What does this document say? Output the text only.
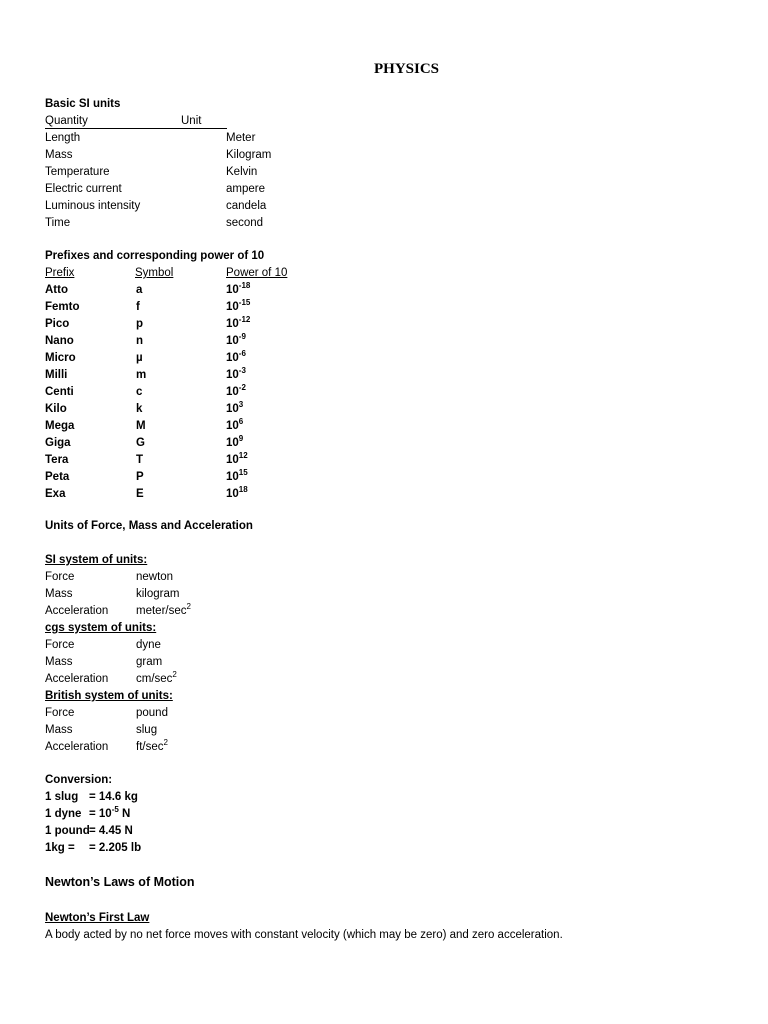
PHYSICS
Basic SI units
Quantity	Unit
Length	Meter
Mass	Kilogram
Temperature	Kelvin
Electric current	ampere
Luminous intensity	candela
Time	second
Prefixes and corresponding power of 10
Prefix	Symbol	Power of 10
Atto	a	$10^{-18}$
Femto	f	$10^{-15}$
Pico	p	$10^{-12}$
Nano	n	$10^{-9}$
Micro	µ	$10^{-6}$
Milli	m	$10^{-3}$
Centi	c	$10^{-2}$
Kilo	k	$10^3$
Mega	M	$10^6$
Giga	G	$10^9$
Tera	T	$10^{12}$
Peta	P	$10^{15}$
Exa	E	$10^{18}$
Units of Force, Mass and Acceleration
SI system of units:
Force	newton
Mass	kilogram
Acceleration meter/$\sec^2$
cgs system of units:
Force	dyne
Mass	gram
Acceleration $cm/\sec^2$
British system of units:
Force	pound
Mass	slug
Acceleration $ft/\sec^2$
Conversion:
1 slug = 14.6 kg
1 dyne = $10^{-5}$ N
1 pound = 4.45 N
1kg = = 2.205 lb
Newton’s Laws of Motion
Newton’s First Law
A body acted by no net force moves with constant velocity (which may be zero) and zero acceleration.
